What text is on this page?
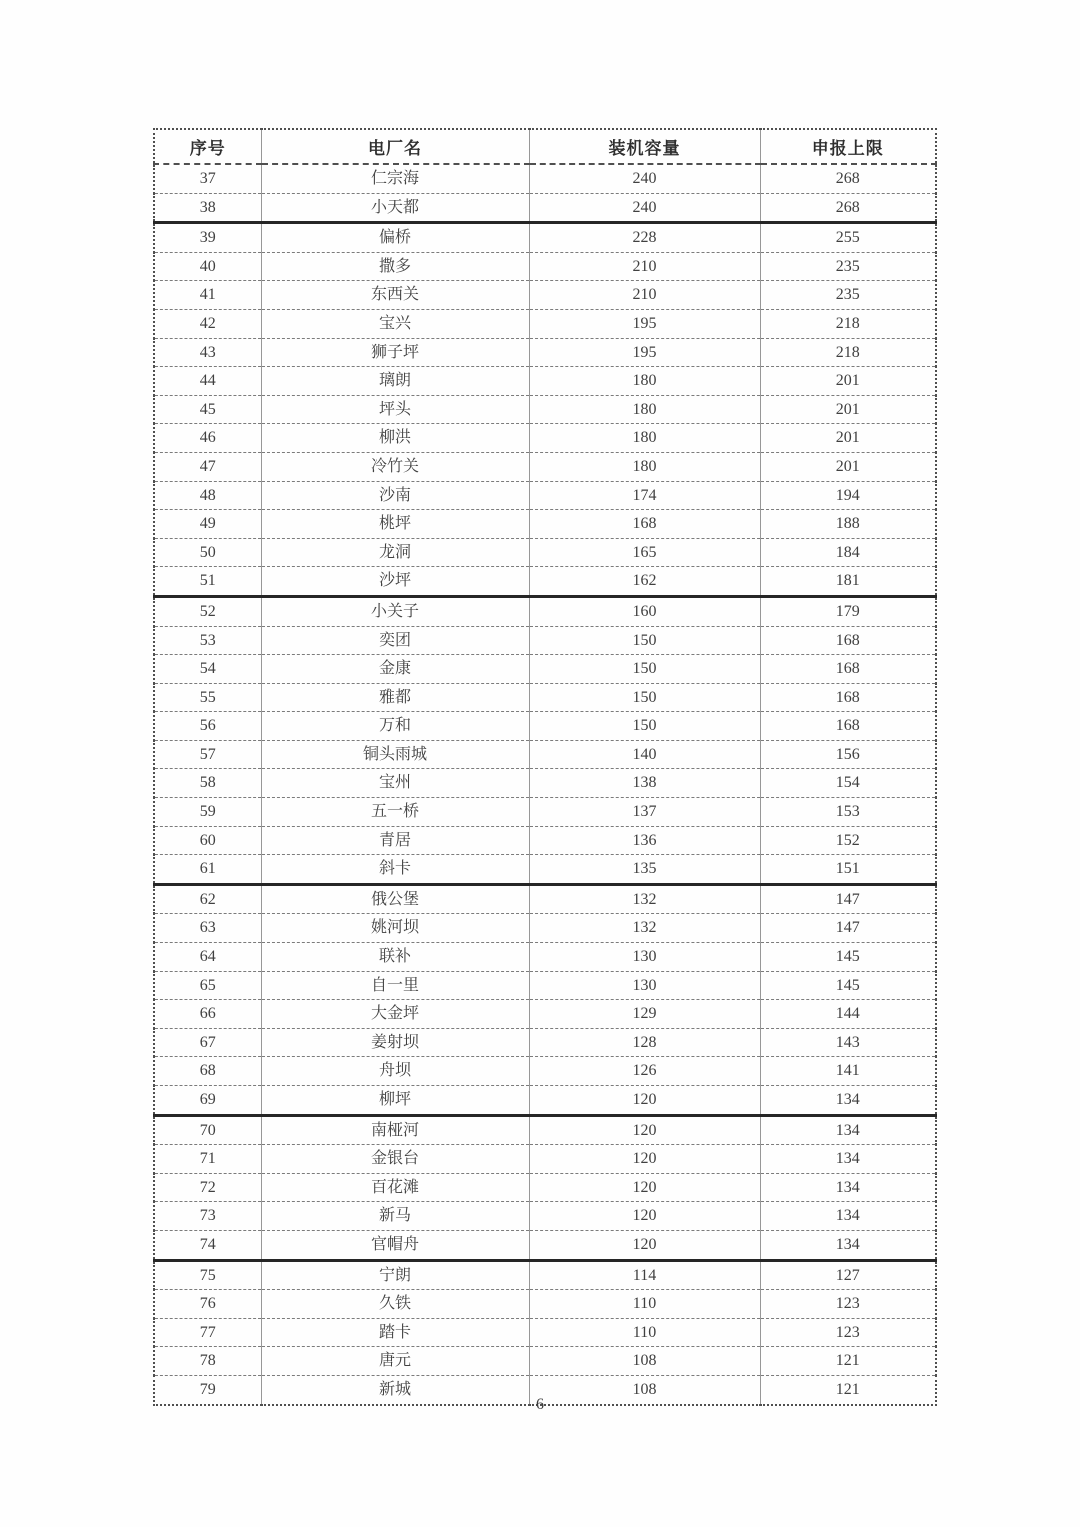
序号	电厂名	装机容量	申报上限
37	仁宗海	240	268
38	小天都	240	268
39	偏桥	228	255
40	撒多	210	235
41	东西关	210	235
42	宝兴	195	218
43	狮子坪	195	218
44	璃朗	180	201
45	坪头	180	201
46	柳洪	180	201
47	冷竹关	180	201
48	沙南	174	194
49	桃坪	168	188
50	龙洞	165	184
51	沙坪	162	181
52	小关子	160	179
53	奕团	150	168
54	金康	150	168
55	雅都	150	168
56	万和	150	168
57	铜头雨城	140	156
58	宝州	138	154
59	五一桥	137	153
60	青居	136	152
61	斜卡	135	151
62	俄公堡	132	147
63	姚河坝	132	147
64	联补	130	145
65	自一里	130	145
66	大金坪	129	144
67	姜射坝	128	143
68	舟坝	126	141
69	柳坪	120	134
70	南桠河	120	134
71	金银台	120	134
72	百花滩	120	134
73	新马	120	134
74	官帽舟	120	134
75	宁朗	114	127
76	久铁	110	123
77	踏卡	110	123
78	唐元	108	121
79	新城	108	121
6
